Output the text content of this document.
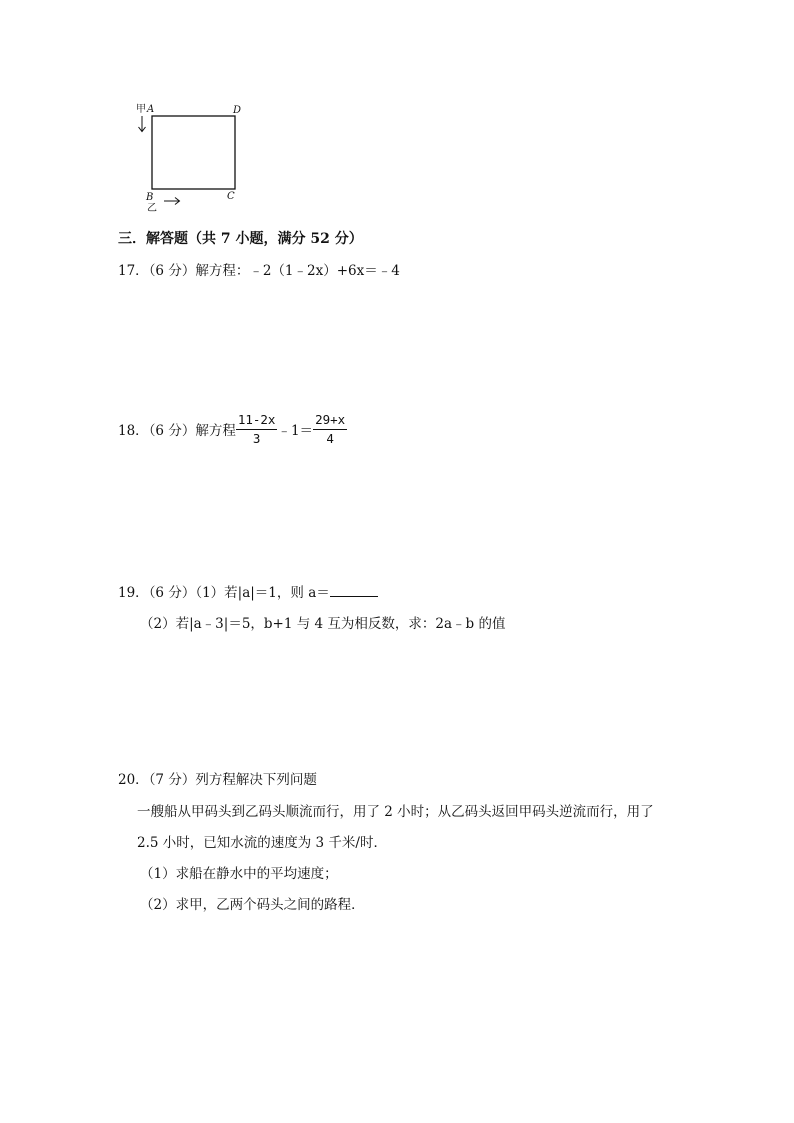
甲 A	D
B	C
乙
三．解答题（共 7 小题，满分 52 分）
17．（6 分）解方程：﹣2（1﹣2x）+6x＝﹣4
18．（6 分）解方程 $\frac{11-2x}{3}$ ﹣1＝ $\frac{29+x}{4}$
19．（6 分）（1）若|a|＝1，则 a＝
（2）若|a﹣3|＝5，b+1 与 4 互为相反数，求：2a﹣b 的值
20．（7 分）列方程解决下列问题
一艘船从甲码头到乙码头顺流而行，用了 2 小时；从乙码头返回甲码头逆流而行，用了
2.5 小时，已知水流的速度为 3 千米/时．
（1）求船在静水中的平均速度；
（2）求甲，乙两个码头之间的路程．
